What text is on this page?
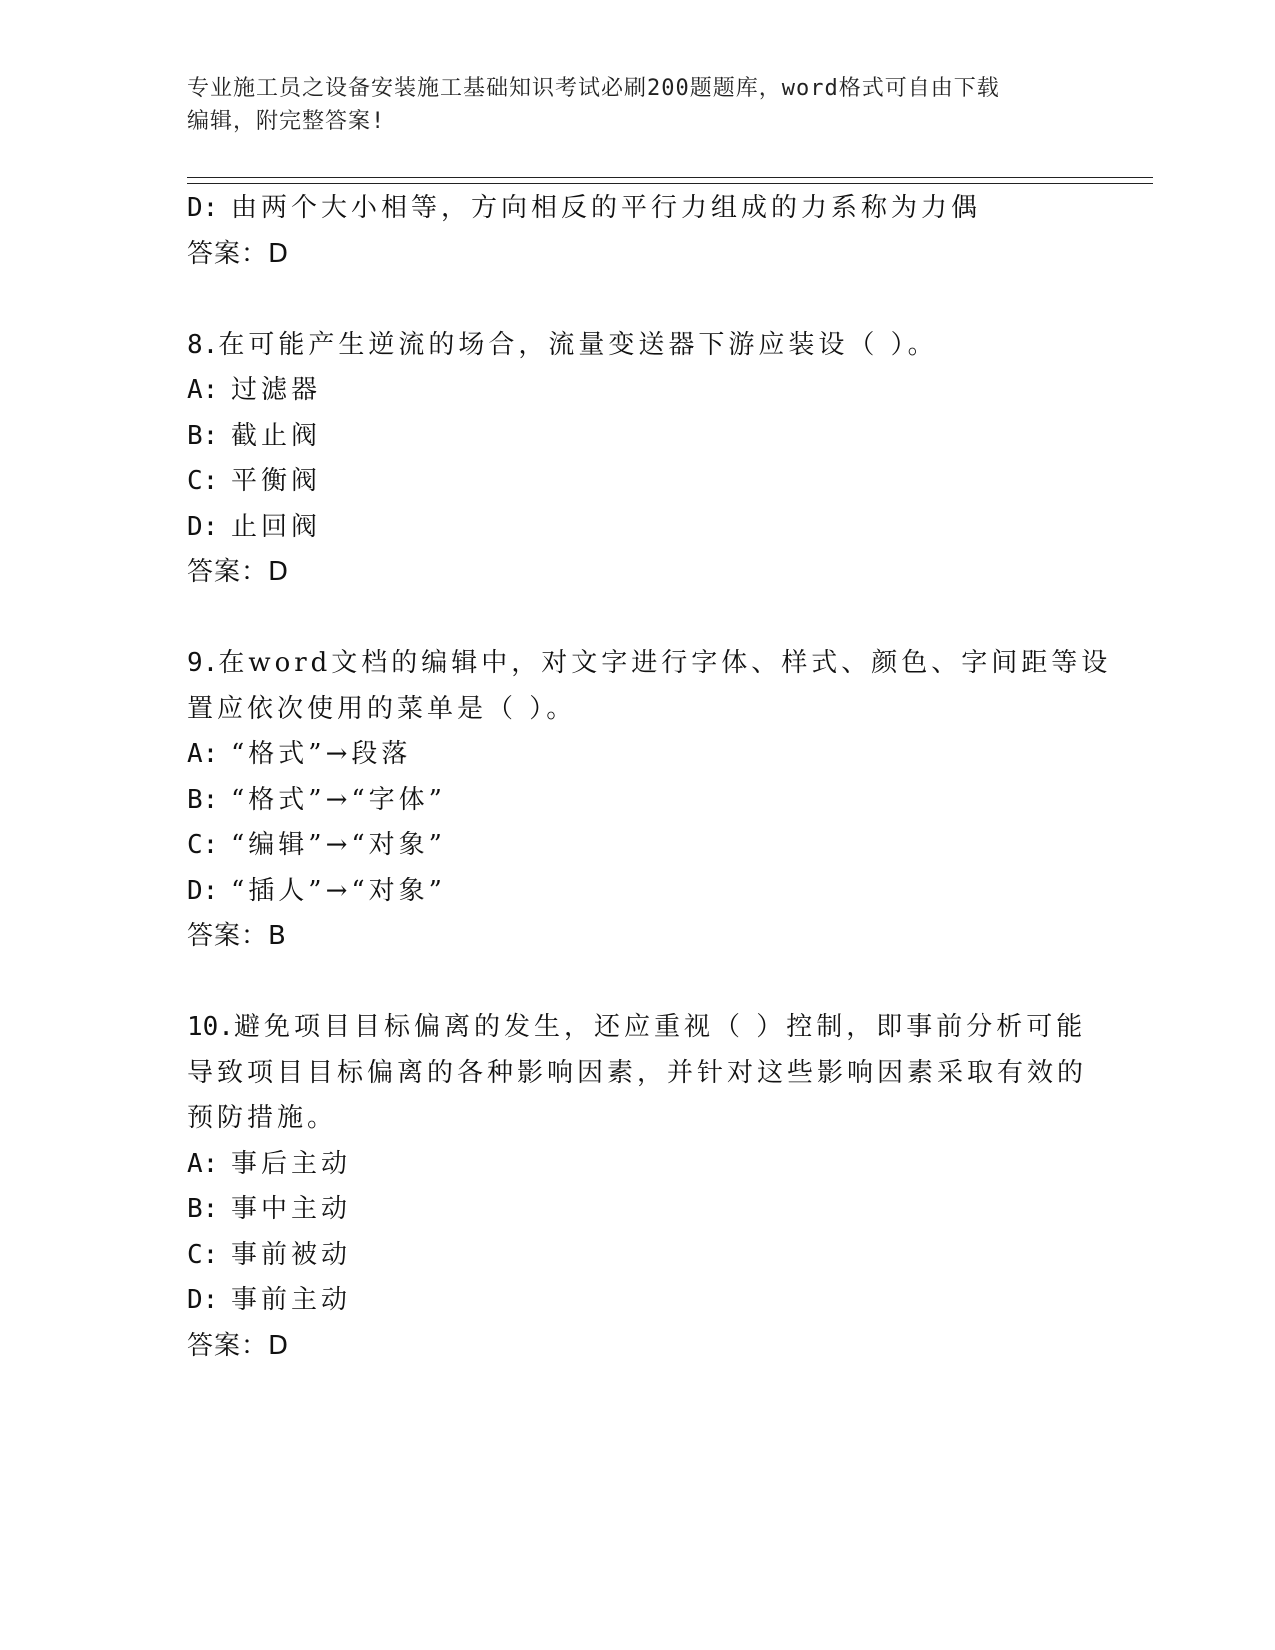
专业施工员之设备安装施工基础知识考试必刷200题题库，word格式可自由下载
编辑，附完整答案!
D: 由两个大小相等，方向相反的平行力组成的力系称为力偶
答案：D
8.在可能产生逆流的场合，流量变送器下游应装设（ ）。
A: 过滤器
B: 截止阀
C: 平衡阀
D: 止回阀
答案：D
9.在word文档的编辑中，对文字进行字体、样式、颜色、字间距等设
置应依次使用的菜单是（ ）。
A: “格式”→段落
B: “格式”→“字体”
C: “编辑”→“对象”
D: “插人”→“对象”
答案：B
10.避免项目目标偏离的发生，还应重视（ ）控制，即事前分析可能
导致项目目标偏离的各种影响因素，并针对这些影响因素采取有效的
预防措施。
A: 事后主动
B: 事中主动
C: 事前被动
D: 事前主动
答案：D
